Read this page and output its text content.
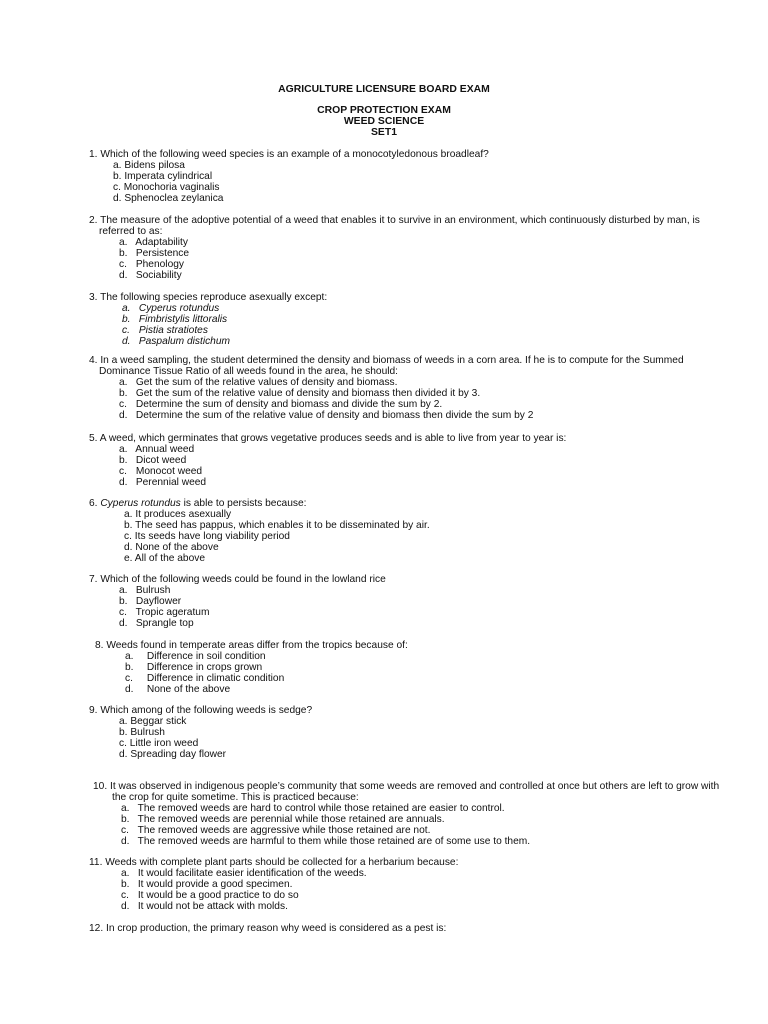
AGRICULTURE LICENSURE BOARD EXAM
CROP PROTECTION EXAM
WEED SCIENCE
SET1
1. Which of the following weed species is an example of a monocotyledonous broadleaf?
a. Bidens pilosa
b. Imperata cylindrical
c. Monochoria vaginalis
d. Sphenoclea zeylanica
2. The measure of the adoptive potential of a weed that enables it to survive in an environment, which continuously disturbed by man, is
referred to as:
a. Adaptability
b. Persistence
c. Phenology
d. Sociability
3. The following species reproduce asexually except:
a. Cyperus rotundus
b. Fimbristylis littoralis
c. Pistia stratiotes
d. Paspalum distichum
4. In a weed sampling, the student determined the density and biomass of weeds in a corn area. If he is to compute for the Summed
Dominance Tissue Ratio of all weeds found in the area, he should:
a. Get the sum of the relative values of density and biomass.
b. Get the sum of the relative value of density and biomass then divided it by 3.
c. Determine the sum of density and biomass and divide the sum by 2.
d. Determine the sum of the relative value of density and biomass then divide the sum by 2
5. A weed, which germinates that grows vegetative produces seeds and is able to live from year to year is:
a. Annual weed
b. Dicot weed
c. Monocot weed
d. Perennial weed
6. Cyperus rotundus is able to persists because:
a. It produces asexually
b. The seed has pappus, which enables it to be disseminated by air.
c. Its seeds have long viability period
d. None of the above
e. All of the above
7. Which of the following weeds could be found in the lowland rice
a. Bulrush
b. Dayflower
c. Tropic ageratum
d. Sprangle top
8. Weeds found in temperate areas differ from the tropics because of:
a. Difference in soil condition
b. Difference in crops grown
c. Difference in climatic condition
d. None of the above
9. Which among of the following weeds is sedge?
a. Beggar stick
b. Bulrush
c. Little iron weed
d. Spreading day flower
10. It was observed in indigenous people’s community that some weeds are removed and controlled at once but others are left to grow with
the crop for quite sometime. This is practiced because:
a. The removed weeds are hard to control while those retained are easier to control.
b. The removed weeds are perennial while those retained are annuals.
c. The removed weeds are aggressive while those retained are not.
d. The removed weeds are harmful to them while those retained are of some use to them.
11. Weeds with complete plant parts should be collected for a herbarium because:
a. It would facilitate easier identification of the weeds.
b. It would provide a good specimen.
c. It would be a good practice to do so
d. It would not be attack with molds.
12. In crop production, the primary reason why weed is considered as a pest is:
